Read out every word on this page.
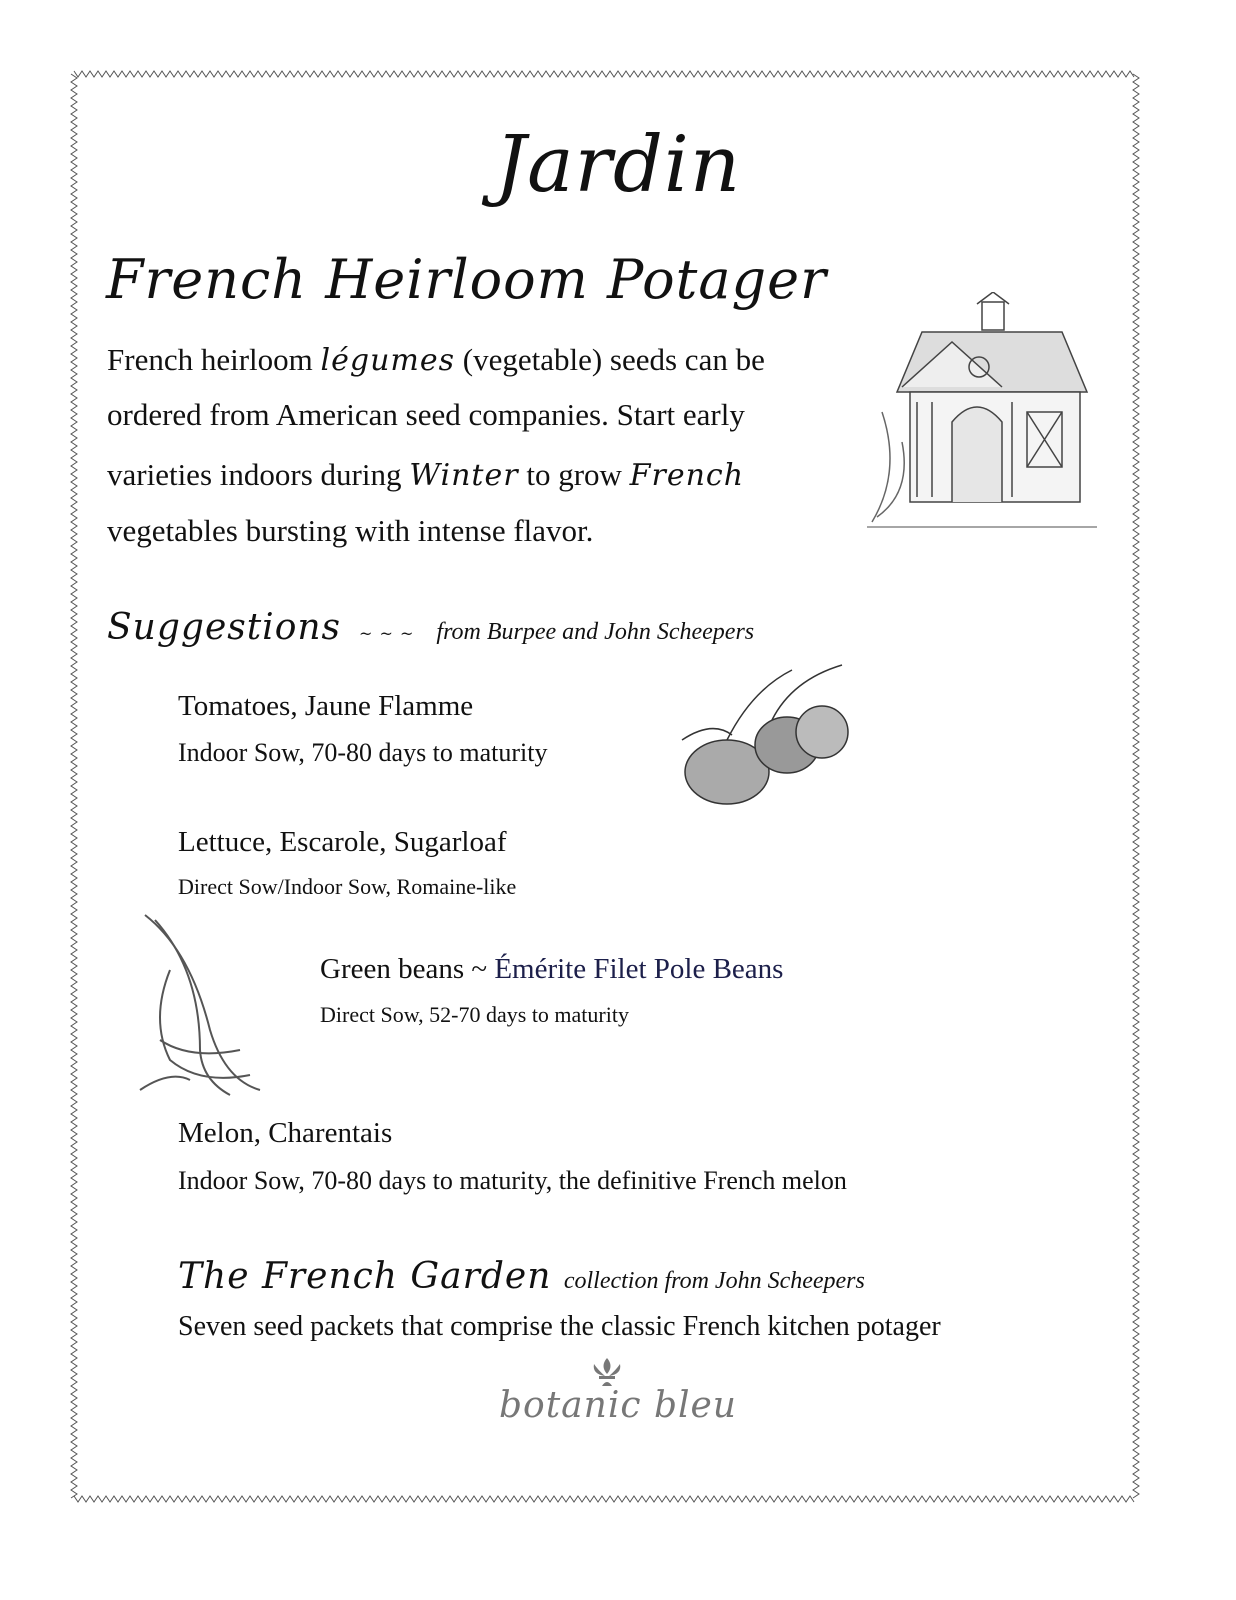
Jardin
French Heirloom Potager
French heirloom légumes (vegetable) seeds can be
ordered from American seed companies. Start early
varieties indoors during Winter to grow French
vegetables bursting with intense flavor.
Suggestions ~ ~ ~ from Burpee and John Scheepers
Tomatoes, Jaune Flamme
Indoor Sow, 70-80 days to maturity
Lettuce, Escarole, Sugarloaf
Direct Sow/Indoor Sow, Romaine-like
Green beans ~ Émérite Filet Pole Beans
Direct Sow, 52-70 days to maturity
Melon, Charentais
Indoor Sow, 70-80 days to maturity, the definitive French melon
The French Garden collection from John Scheepers
Seven seed packets that comprise the classic French kitchen potager
botanic bleu
